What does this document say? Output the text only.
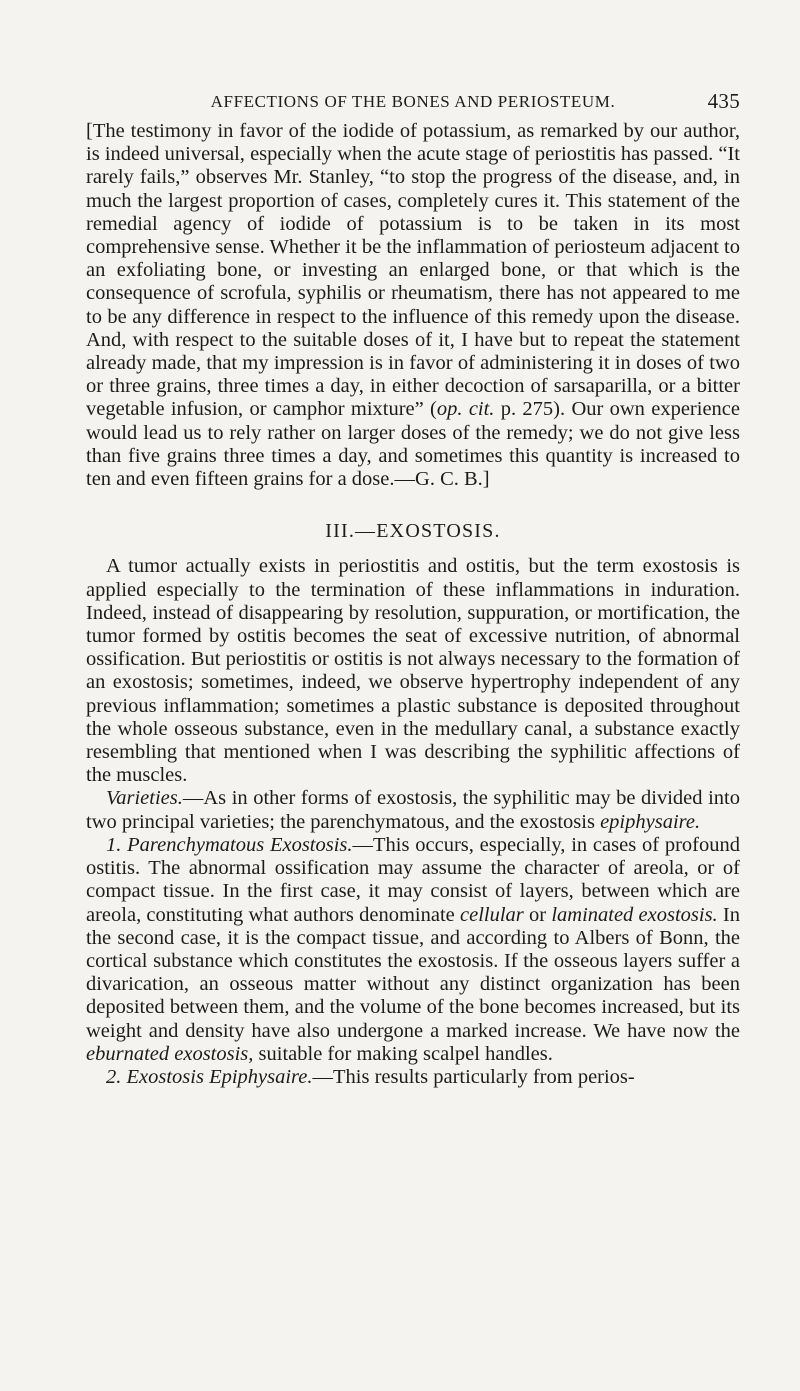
AFFECTIONS OF THE BONES AND PERIOSTEUM.	435

[The testimony in favor of the iodide of potassium, as remarked by our author, is indeed universal, especially when the acute stage of periostitis has passed. “It rarely fails,” observes Mr. Stanley, “to stop the progress of the disease, and, in much the largest proportion of cases, completely cures it. This statement of the remedial agency of iodide of potassium is to be taken in its most comprehensive sense. Whether it be the inflammation of periosteum adjacent to an exfoliating bone, or investing an enlarged bone, or that which is the consequence of scrofula, syphilis or rheumatism, there has not appeared to me to be any difference in respect to the influence of this remedy upon the disease. And, with respect to the suitable doses of it, I have but to repeat the statement already made, that my impression is in favor of administering it in doses of two or three grains, three times a day, in either decoction of sarsaparilla, or a bitter vegetable infusion, or camphor mixture” (op. cit. p. 275). Our own experience would lead us to rely rather on larger doses of the remedy; we do not give less than five grains three times a day, and sometimes this quantity is increased to ten and even fifteen grains for a dose.—G. C. B.]

III.—EXOSTOSIS.

A tumor actually exists in periostitis and ostitis, but the term exostosis is applied especially to the termination of these inflammations in induration. Indeed, instead of disappearing by resolution, suppuration, or mortification, the tumor formed by ostitis becomes the seat of excessive nutrition, of abnormal ossification. But periostitis or ostitis is not always necessary to the formation of an exostosis; sometimes, indeed, we observe hypertrophy independent of any previous inflammation; sometimes a plastic substance is deposited throughout the whole osseous substance, even in the medullary canal, a substance exactly resembling that mentioned when I was describing the syphilitic affections of the muscles.

Varieties.—As in other forms of exostosis, the syphilitic may be divided into two principal varieties; the parenchymatous, and the exostosis epiphysaire.

1. Parenchymatous Exostosis.—This occurs, especially, in cases of profound ostitis. The abnormal ossification may assume the character of areola, or of compact tissue. In the first case, it may consist of layers, between which are areola, constituting what authors denominate cellular or laminated exostosis. In the second case, it is the compact tissue, and according to Albers of Bonn, the cortical substance which constitutes the exostosis. If the osseous layers suffer a divarication, an osseous matter without any distinct organization has been deposited between them, and the volume of the bone becomes increased, but its weight and density have also undergone a marked increase. We have now the eburnated exostosis, suitable for making scalpel handles.

2. Exostosis Epiphysaire.—This results particularly from perios-
